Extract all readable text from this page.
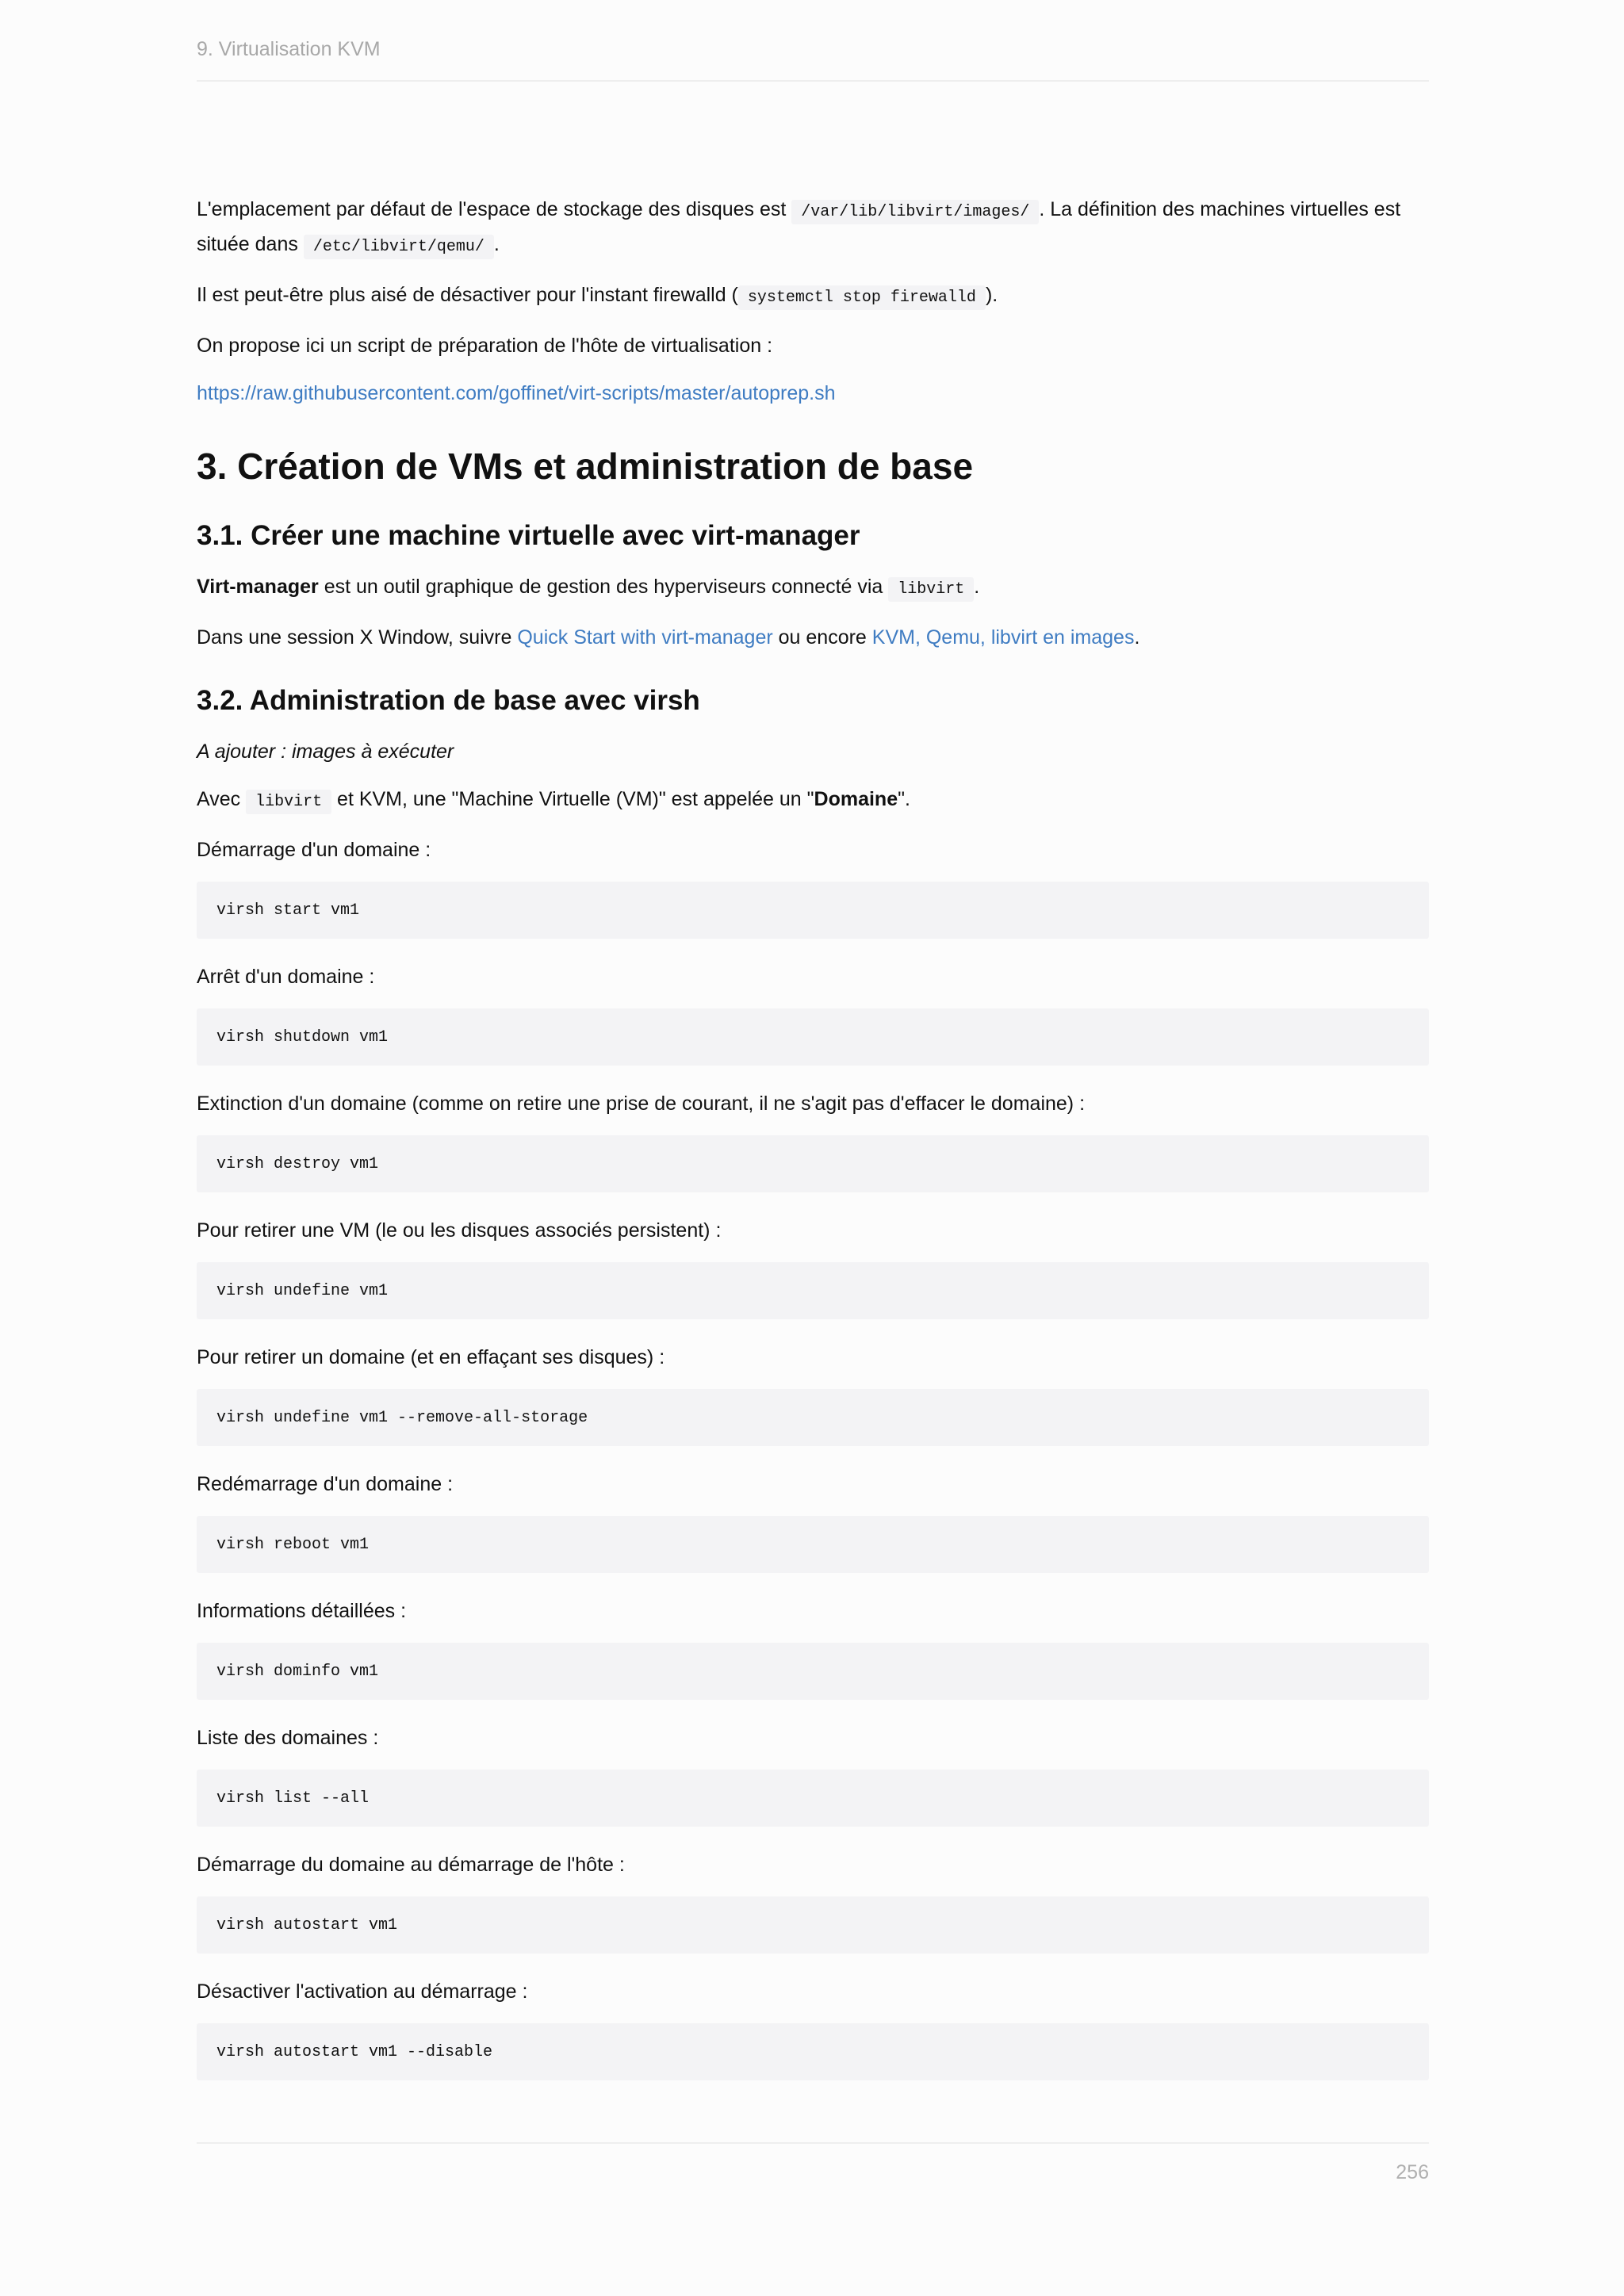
9. Virtualisation KVM

L'emplacement par défaut de l'espace de stockage des disques est /var/lib/libvirt/images/ . La définition des machines virtuelles est située dans /etc/libvirt/qemu/ .

Il est peut-être plus aisé de désactiver pour l'instant firewalld ( systemctl stop firewalld ).

On propose ici un script de préparation de l'hôte de virtualisation :

https://raw.githubusercontent.com/goffinet/virt-scripts/master/autoprep.sh

3. Création de VMs et administration de base
3.1. Créer une machine virtuelle avec virt-manager

Virt-manager est un outil graphique de gestion des hyperviseurs connecté via libvirt .

Dans une session X Window, suivre Quick Start with virt-manager ou encore KVM, Qemu, libvirt en images.

3.2. Administration de base avec virsh

A ajouter : images à exécuter

Avec libvirt et KVM, une "Machine Virtuelle (VM)" est appelée un "Domaine".

Démarrage d'un domaine :

virsh start vm1

Arrêt d'un domaine :

virsh shutdown vm1

Extinction d'un domaine (comme on retire une prise de courant, il ne s'agit pas d'effacer le domaine) :

virsh destroy vm1

Pour retirer une VM (le ou les disques associés persistent) :

virsh undefine vm1

Pour retirer un domaine (et en effaçant ses disques) :

virsh undefine vm1 --remove-all-storage

Redémarrage d'un domaine :

virsh reboot vm1

Informations détaillées :

virsh dominfo vm1

Liste des domaines :

virsh list --all

Démarrage du domaine au démarrage de l'hôte :

virsh autostart vm1

Désactiver l'activation au démarrage :

virsh autostart vm1 --disable
256
